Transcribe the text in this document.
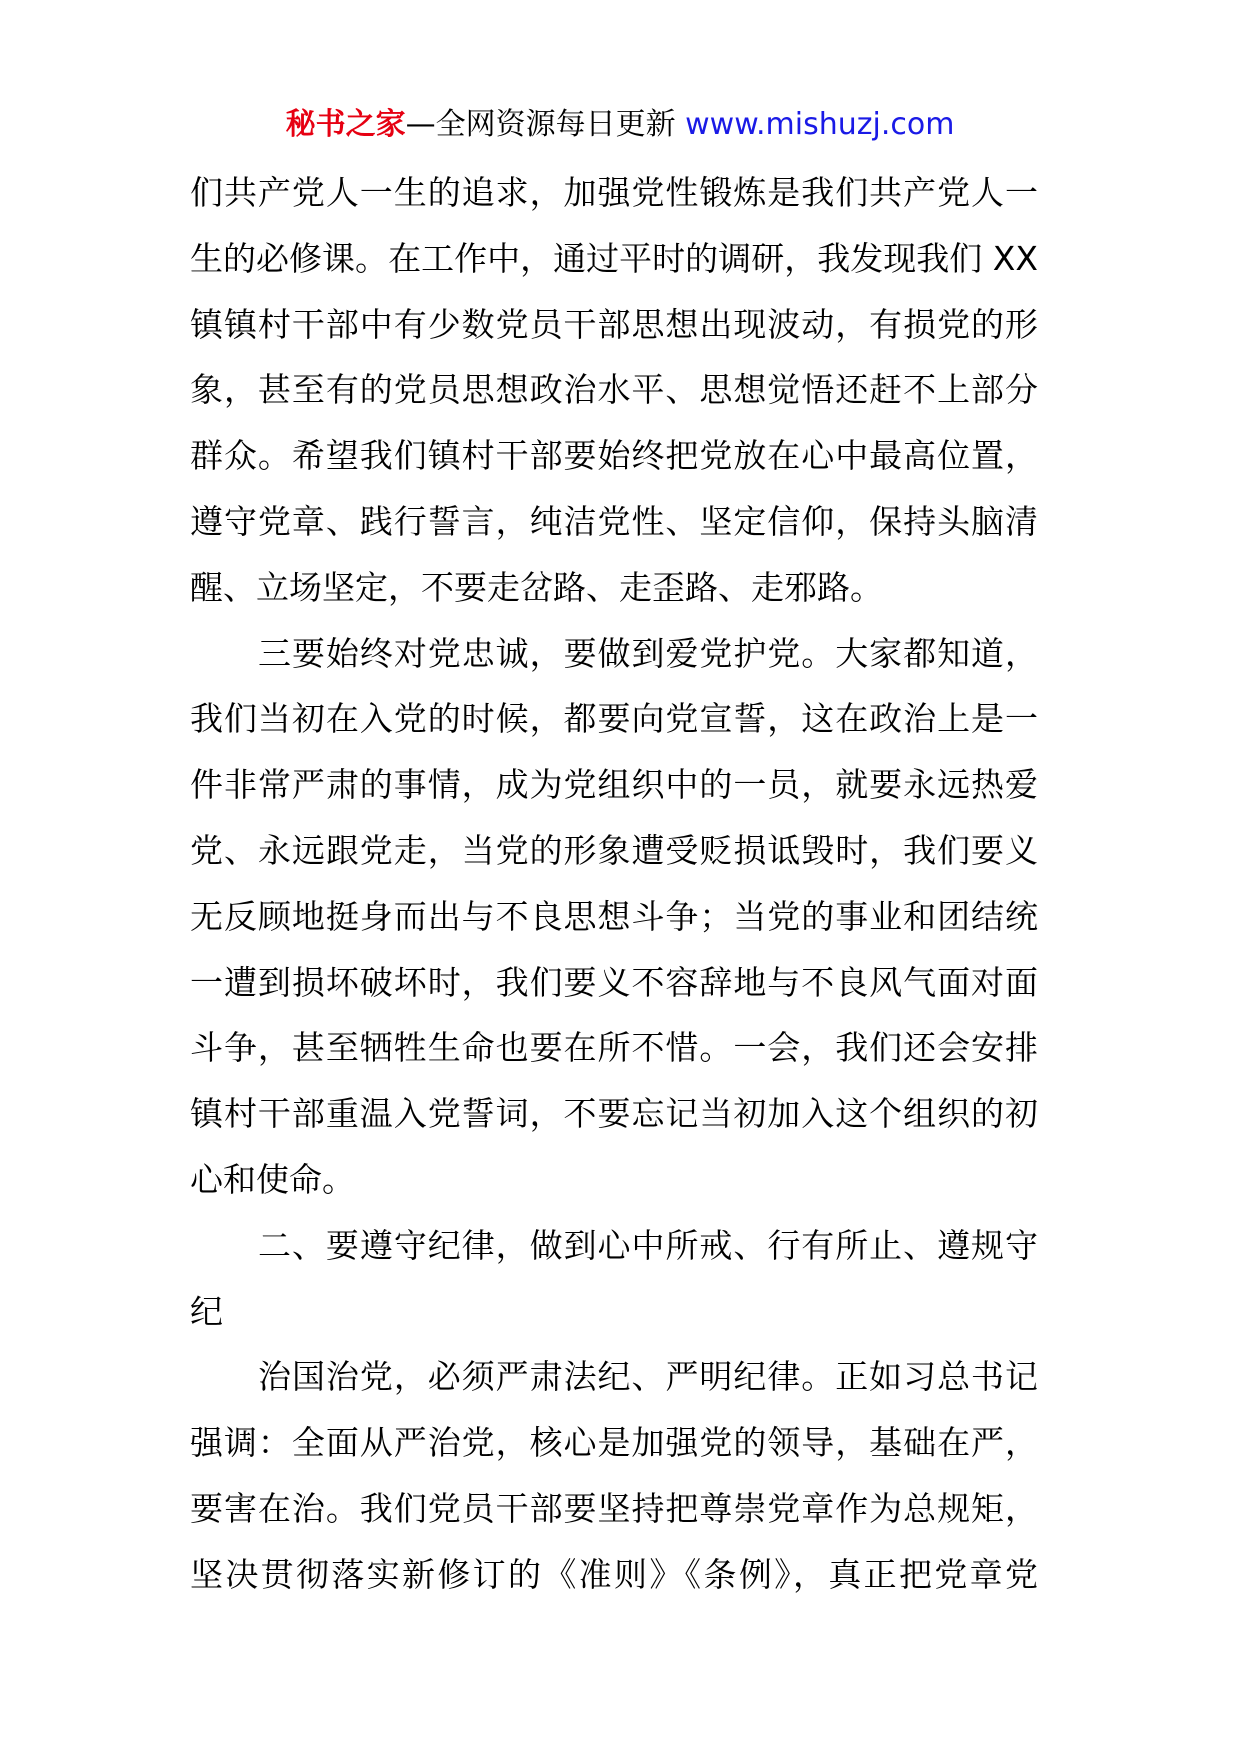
秘书之家—全网资源每日更新 www.mishuzj.com
们共产党人一生的追求，加强党性锻炼是我们共产党人一
生的必修课。在工作中，通过平时的调研，我发现我们 XX
镇镇村干部中有少数党员干部思想出现波动，有损党的形
象，甚至有的党员思想政治水平、思想觉悟还赶不上部分
群众。希望我们镇村干部要始终把党放在心中最高位置，
遵守党章、践行誓言，纯洁党性、坚定信仰，保持头脑清
醒、立场坚定，不要走岔路、走歪路、走邪路。
三要始终对党忠诚，要做到爱党护党。大家都知道，
我们当初在入党的时候，都要向党宣誓，这在政治上是一
件非常严肃的事情，成为党组织中的一员，就要永远热爱
党、永远跟党走，当党的形象遭受贬损诋毁时，我们要义
无反顾地挺身而出与不良思想斗争；当党的事业和团结统
一遭到损坏破坏时，我们要义不容辞地与不良风气面对面
斗争，甚至牺牲生命也要在所不惜。一会，我们还会安排
镇村干部重温入党誓词，不要忘记当初加入这个组织的初
心和使命。
二、要遵守纪律，做到心中所戒、行有所止、遵规守
纪
治国治党，必须严肃法纪、严明纪律。正如习总书记
强调：全面从严治党，核心是加强党的领导，基础在严，
要害在治。我们党员干部要坚持把尊崇党章作为总规矩，
坚决贯彻落实新修订的《准则》《条例》，真正把党章党
